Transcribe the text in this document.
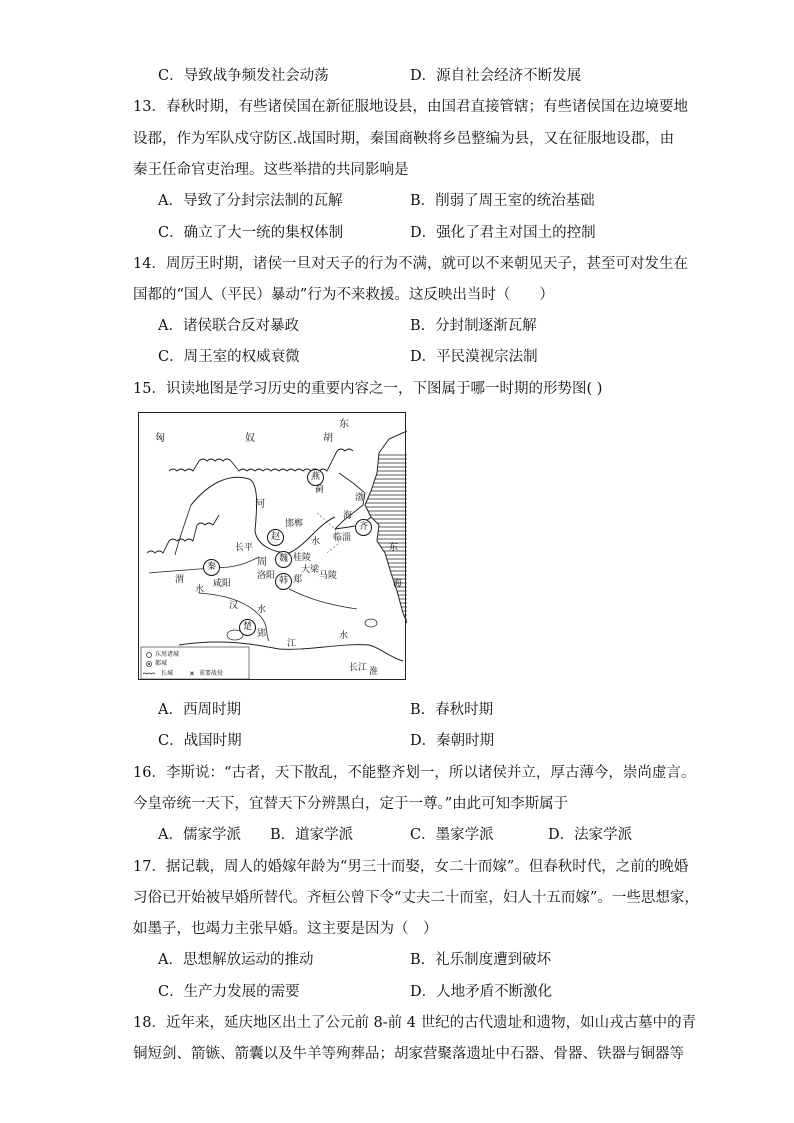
C．导致战争频发社会动荡	D．源自社会经济不断发展
13．春秋时期，有些诸侯国在新征服地设县，由国君直接管辖；有些诸侯国在边境要地
设郡，作为军队戍守防区.战国时期，秦国商鞅将乡邑整编为县，又在征服地设郡，由
秦王任命官吏治理。这些举措的共同影响是
A．导致了分封宗法制的瓦解	B．削弱了周王室的统治基础
C．确立了大一统的集权体制	D．强化了君主对国土的控制
14．周厉王时期，诸侯一旦对天子的行为不满，就可以不来朝见天子，甚至可对发生在
国都的“国人（平民）暴动”行为不来救援。这反映出当时（　　）
A．诸侯联合反对暴政	B．分封制逐渐瓦解
C．周王室的权威衰微	D．平民漠视宗法制
15．识读地图是学习历史的重要内容之一，下图属于哪一时期的形势图( )
✕
匈	奴
东
胡
燕
蓟
渤
河
海
齐
临淄
赵
邯郸
长平
周	魏 桂陵
秦
洛阳 韩 郑
大梁
马陵
渭
水
咸阳
汉 水
东
海
楚
郢
江
水
水
淮
长江
东周诸城
都城
长城	重要战役
A．西周时期	B．春秋时期
C．战国时期	D．秦朝时期
16．李斯说：“古者，天下散乱，不能整齐划一，所以诸侯并立，厚古薄今，崇尚虚言。
今皇帝统一天下，宜替天下分辨黑白，定于一尊。”由此可知李斯属于
A．儒家学派 B．道家学派	C．墨家学派	D．法家学派
17．据记载，周人的婚嫁年龄为“男三十而娶，女二十而嫁”。但春秋时代，之前的晚婚
习俗已开始被早婚所替代。齐桓公曾下令“丈夫二十而室，妇人十五而嫁”。一些思想家，
如墨子，也竭力主张早婚。这主要是因为（　）
A．思想解放运动的推动	B．礼乐制度遭到破坏
C．生产力发展的需要	D．人地矛盾不断激化
18．近年来，延庆地区出土了公元前 8-前 4 世纪的古代遗址和遗物，如山戎古墓中的青
铜短剑、箭镞、箭囊以及牛羊等殉葬品；胡家营聚落遗址中石器、骨器、铁器与铜器等
